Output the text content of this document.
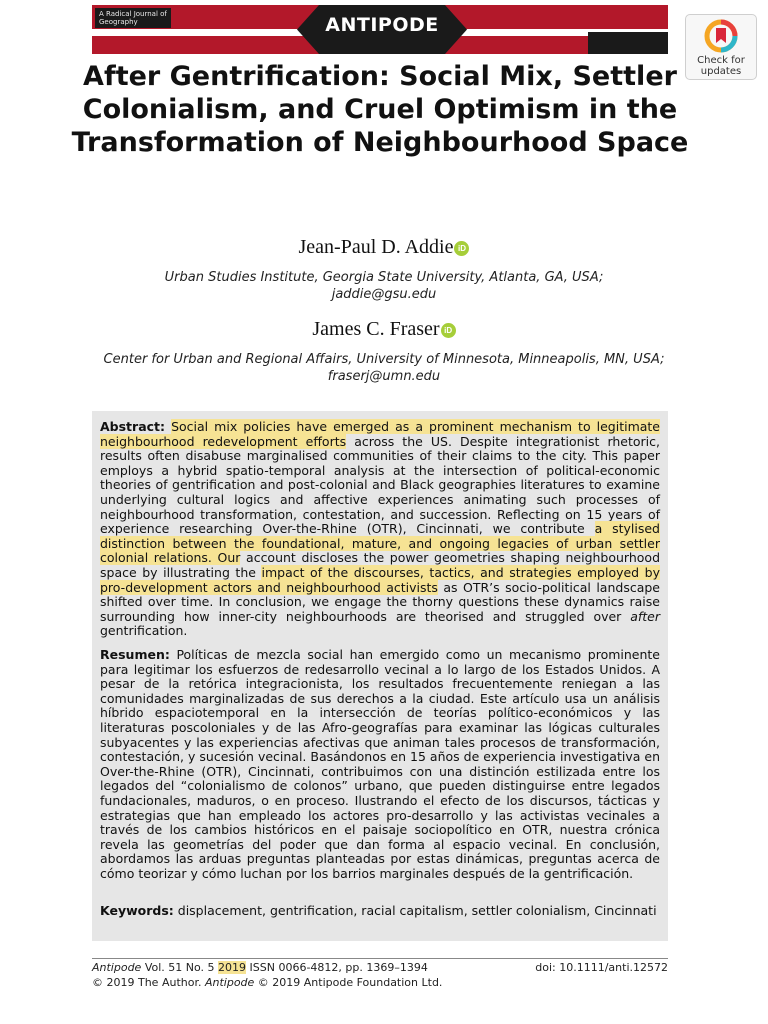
A Radical Journal of Geography	ANTIPODE
Check for updates
After Gentrification: Social Mix, Settler Colonialism, and Cruel Optimism in the Transformation of Neighbourhood Space
Jean-Paul D. Addie iD
Urban Studies Institute, Georgia State University, Atlanta, GA, USA;
jaddie@gsu.edu
James C. Fraser iD
Center for Urban and Regional Affairs, University of Minnesota, Minneapolis, MN, USA;
fraserj@umn.edu
Abstract: Social mix policies have emerged as a prominent mechanism to legitimate neighbourhood redevelopment efforts across the US. Despite integrationist rhetoric, results often disabuse marginalised communities of their claims to the city. This paper employs a hybrid spatio-temporal analysis at the intersection of political-economic theories of gentrification and post-colonial and Black geographies literatures to examine underlying cultural logics and affective experiences animating such processes of neighbourhood transformation, contestation, and succession. Reflecting on 15 years of experience researching Over-the-Rhine (OTR), Cincinnati, we contribute a stylised distinction between the foundational, mature, and ongoing legacies of urban settler colonial relations. Our account discloses the power geometries shaping neighbourhood space by illustrating the impact of the discourses, tactics, and strategies employed by pro-development actors and neighbourhood activists as OTR’s socio-political landscape shifted over time. In conclusion, we engage the thorny questions these dynamics raise surrounding how inner-city neighbourhoods are theorised and struggled over after gentrification.
Resumen: Políticas de mezcla social han emergido como un mecanismo prominente para legitimar los esfuerzos de redesarrollo vecinal a lo largo de los Estados Unidos. A pesar de la retórica integracionista, los resultados frecuentemente reniegan a las comunidades marginalizadas de sus derechos a la ciudad. Este artículo usa un análisis híbrido espaciotemporal en la intersección de teorías político-económicos y las literaturas poscoloniales y de las Afro-geografías para examinar las lógicas culturales subyacentes y las experiencias afectivas que animan tales procesos de transformación, contestación, y sucesión vecinal. Basándonos en 15 años de experiencia investigativa en Over-the-Rhine (OTR), Cincinnati, contribuimos con una distinción estilizada entre los legados del “colonialismo de colonos” urbano, que pueden distinguirse entre legados fundacionales, maduros, o en proceso. Ilustrando el efecto de los discursos, tácticas y estrategias que han empleado los actores pro-desarrollo y las activistas vecinales a través de los cambios históricos en el paisaje sociopolítico en OTR, nuestra crónica revela las geometrías del poder que dan forma al espacio vecinal. En conclusión, abordamos las arduas preguntas planteadas por estas dinámicas, preguntas acerca de cómo teorizar y cómo luchan por los barrios marginales después de la gentrificación.
Keywords: displacement, gentrification, racial capitalism, settler colonialism, Cincinnati
Antipode Vol. 51 No. 5 2019 ISSN 0066-4812, pp. 1369–1394	doi: 10.1111/anti.12572
© 2019 The Author. Antipode © 2019 Antipode Foundation Ltd.
